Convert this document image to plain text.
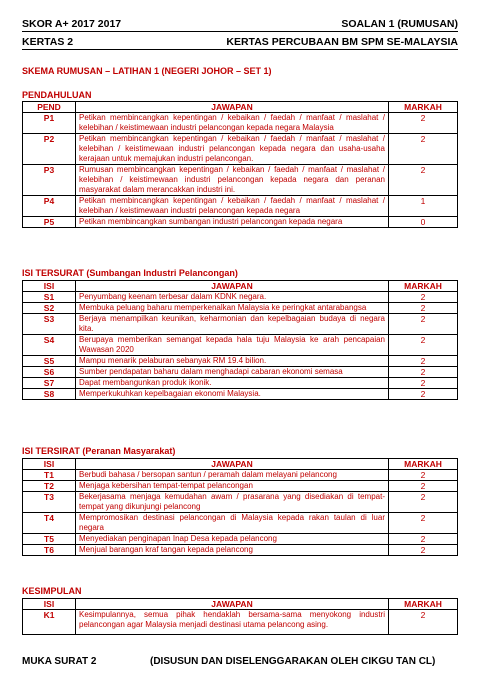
SKOR A+ 2017 2017	SOALAN 1 (RUMUSAN)
KERTAS 2	KERTAS PERCUBAAN BM SPM SE-MALAYSIA
SKEMA RUMUSAN – LATIHAN 1 (NEGERI JOHOR – SET 1)
PENDAHULUAN
PEND	JAWAPAN	MARKAH
P1	Petikan membincangkan kepentingan / kebaikan / faedah / manfaat / maslahat / kelebihan / keistimewaan industri pelancongan kepada negara Malaysia	2
P2	Petikan membincangkan kepentingan / kebaikan / faedah / manfaat / maslahat / kelebihan / keistimewaan industri pelancongan kepada negara dan usaha-usaha kerajaan untuk memajukan industri pelancongan.	2
P3	Rumusan membincangkan kepentingan / kebaikan / faedah / manfaat / maslahat / kelebihan / keistimewaan industri pelancongan kepada negara dan peranan masyarakat dalam merancakkan industri ini.	2
P4	Petikan membincangkan kepentingan / kebaikan / faedah / manfaat / maslahat / kelebihan / keistimewaan industri pelancongan kepada negara	1
P5	Petikan membincangkan sumbangan industri pelancongan kepada negara	0
ISI TERSURAT (Sumbangan Industri Pelancongan)
ISI	JAWAPAN	MARKAH
S1	Penyumbang keenam terbesar dalam KDNK negara.	2
S2	Membuka peluang baharu memperkenalkan Malaysia ke peringkat antarabangsa	2
S3	Berjaya menampilkan keunikan, keharmonian dan kepelbagaian budaya di negara kita.	2
S4	Berupaya memberikan semangat kepada hala tuju Malaysia ke arah pencapaian Wawasan 2020	2
S5	Mampu menarik pelaburan sebanyak RM 19.4 bilion.	2
S6	Sumber pendapatan baharu dalam menghadapi cabaran ekonomi semasa	2
S7	Dapat membangunkan produk ikonik.	2
S8	Memperkukuhkan kepelbagaian ekonomi Malaysia.	2
ISI TERSIRAT (Peranan Masyarakat)
ISI	JAWAPAN	MARKAH
T1	Berbudi bahasa / bersopan santun / peramah dalam melayani pelancong	2
T2	Menjaga kebersihan tempat-tempat pelancongan	2
T3	Bekerjasama menjaga kemudahan awam / prasarana yang disediakan di tempat-tempat yang dikunjungi pelancong	2
T4	Mempromosikan destinasi pelancongan di Malaysia kepada rakan taulan di luar negara	2
T5	Menyediakan penginapan Inap Desa kepada pelancong	2
T6	Menjual barangan kraf tangan kepada pelancong	2
KESIMPULAN
ISI	JAWAPAN	MARKAH
K1	Kesimpulannya, semua pihak hendaklah bersama-sama menyokong industri pelancongan agar Malaysia menjadi destinasi utama pelancong asing.	2
MUKA SURAT 2	(DISUSUN DAN DISELENGGARAKAN OLEH CIKGU TAN CL)
